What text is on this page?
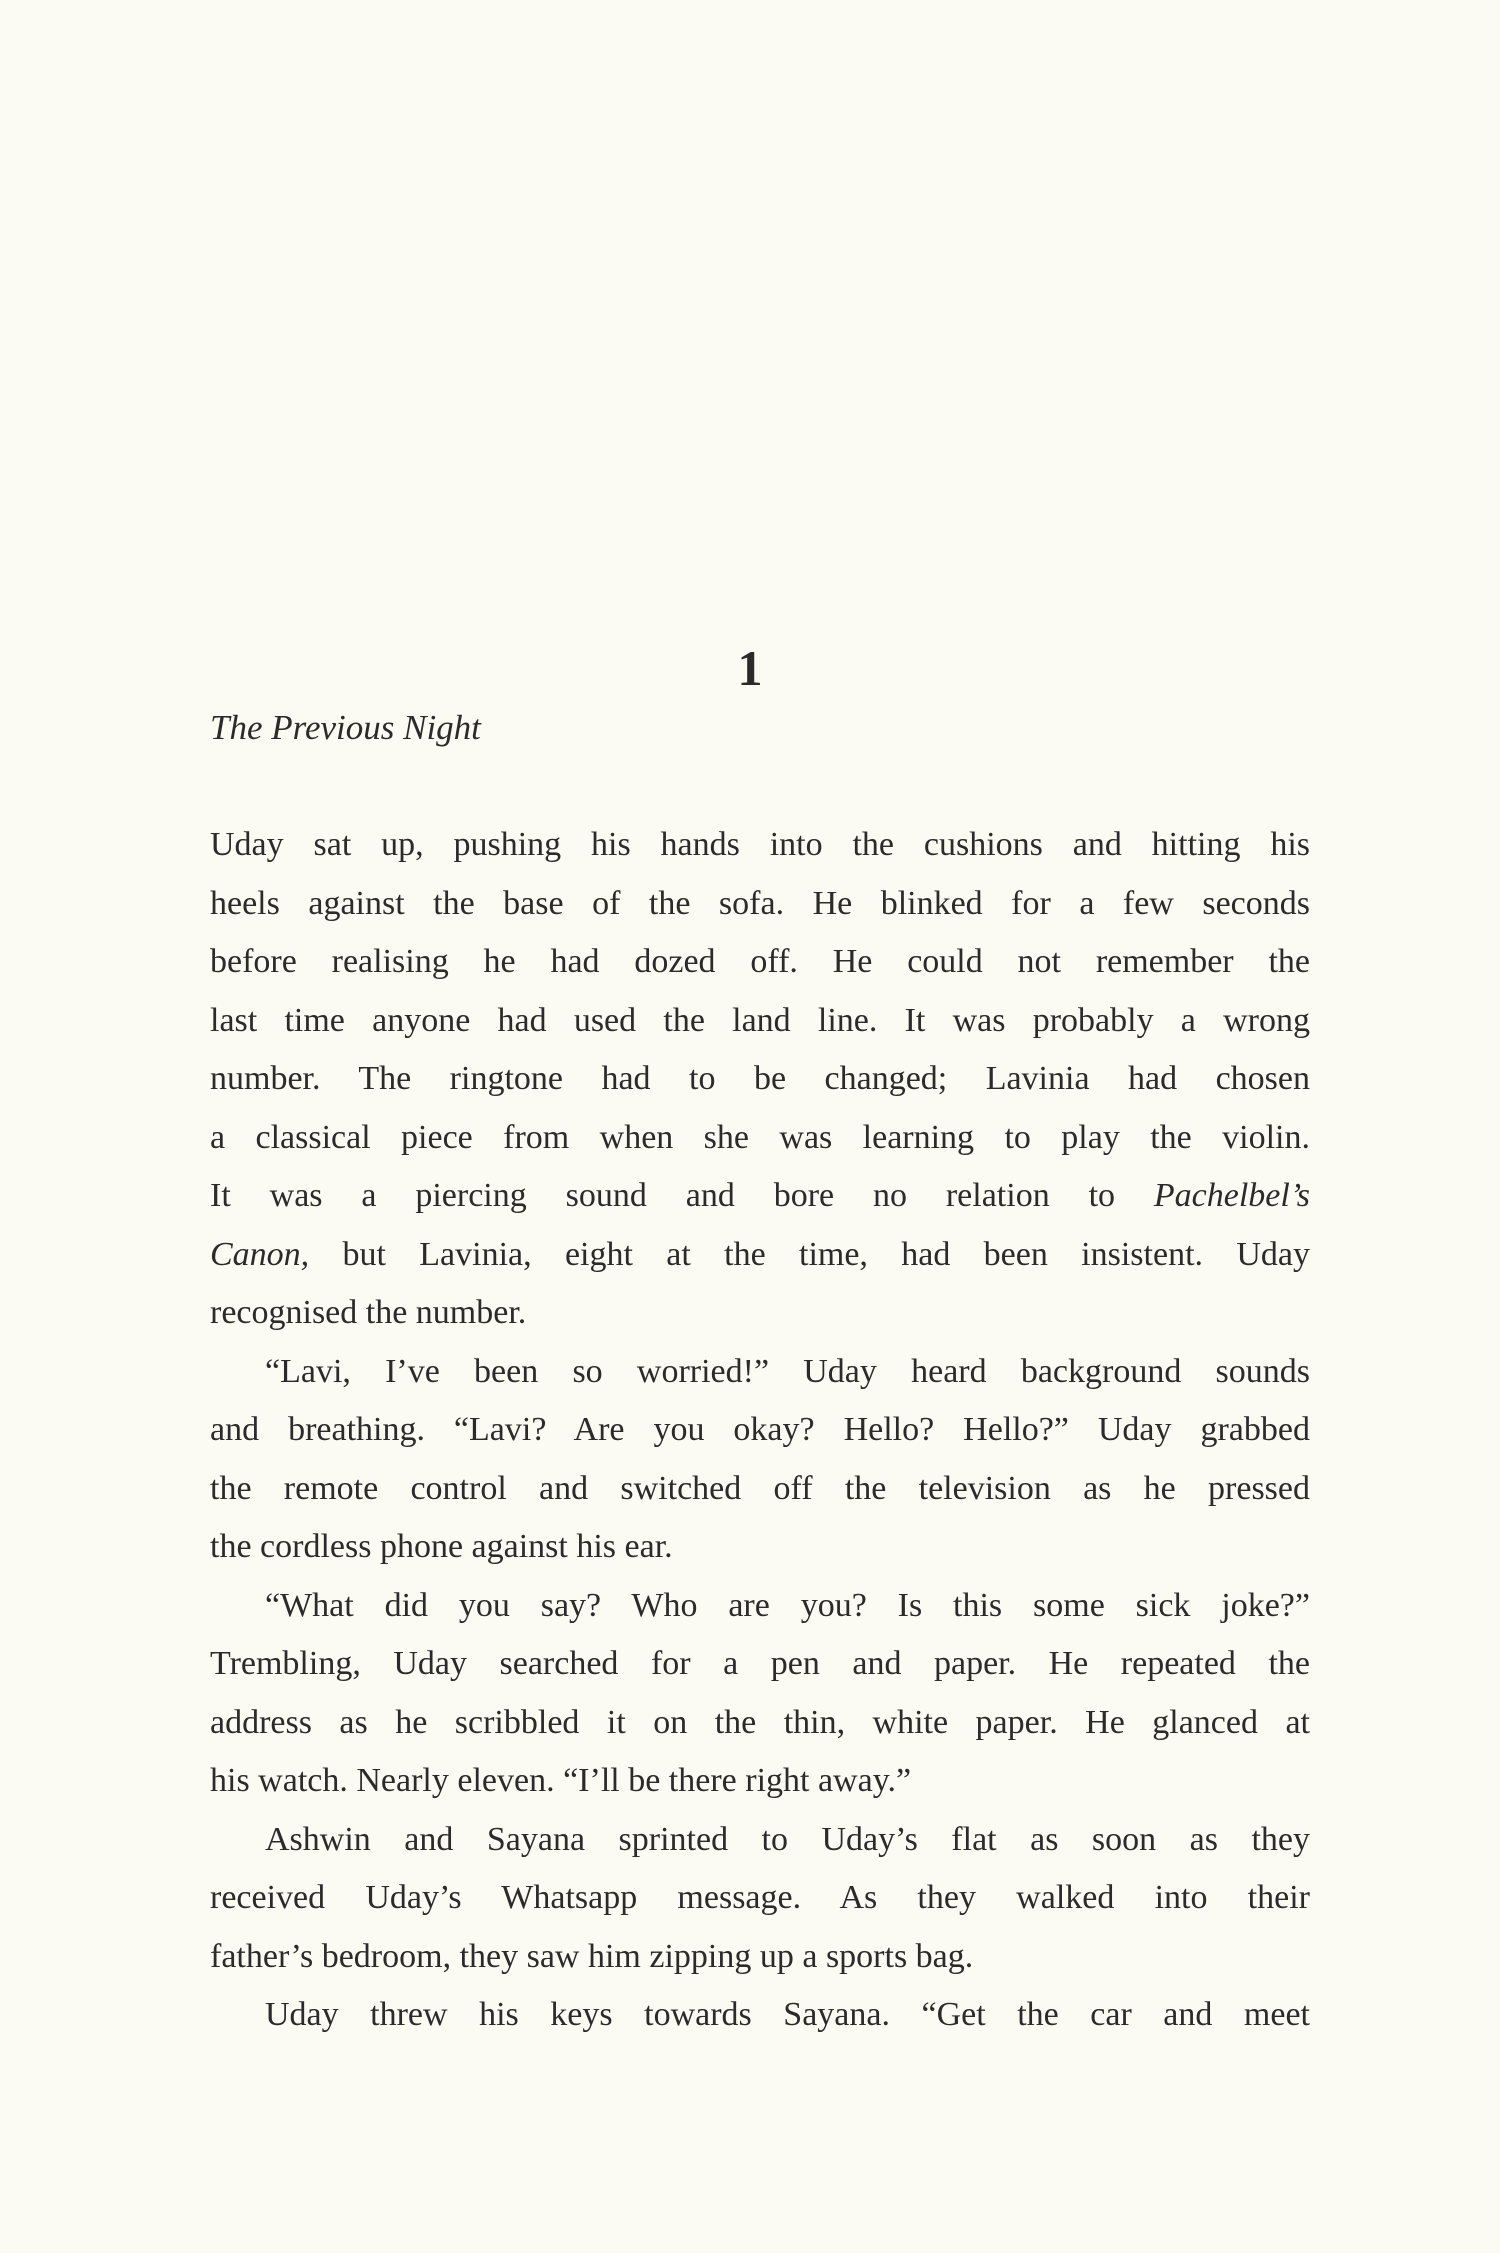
1
The Previous Night
Uday sat up, pushing his hands into the cushions and hitting his
heels against the base of the sofa. He blinked for a few seconds
before realising he had dozed off. He could not remember the
last time anyone had used the land line. It was probably a wrong
number. The ringtone had to be changed; Lavinia had chosen
a classical piece from when she was learning to play the violin.
It was a piercing sound and bore no relation to Pachelbel’s
Canon, but Lavinia, eight at the time, had been insistent. Uday
recognised the number.
“Lavi, I’ve been so worried!” Uday heard background sounds
and breathing. “Lavi? Are you okay? Hello? Hello?” Uday grabbed
the remote control and switched off the television as he pressed
the cordless phone against his ear.
“What did you say? Who are you? Is this some sick joke?”
Trembling, Uday searched for a pen and paper. He repeated the
address as he scribbled it on the thin, white paper. He glanced at
his watch. Nearly eleven. “I’ll be there right away.”
Ashwin and Sayana sprinted to Uday’s flat as soon as they
received Uday’s Whatsapp message. As they walked into their
father’s bedroom, they saw him zipping up a sports bag.
Uday threw his keys towards Sayana. “Get the car and meet
